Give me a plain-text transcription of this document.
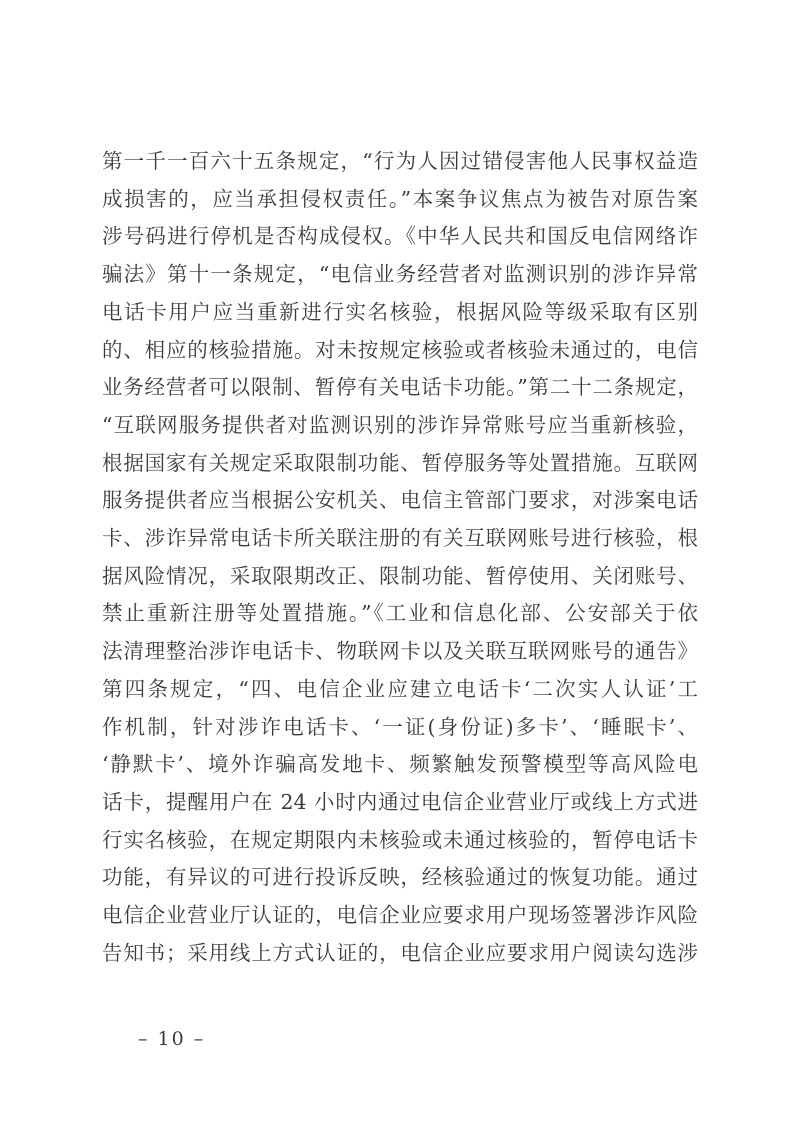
第一千一百六十五条规定，“行为人因过错侵害他人民事权益造
成损害的，应当承担侵权责任。”本案争议焦点为被告对原告案
涉号码进行停机是否构成侵权。《中华人民共和国反电信网络诈
骗法》第十一条规定，“电信业务经营者对监测识别的涉诈异常
电话卡用户应当重新进行实名核验，根据风险等级采取有区别
的、相应的核验措施。对未按规定核验或者核验未通过的，电信
业务经营者可以限制、暂停有关电话卡功能。”第二十二条规定，
“互联网服务提供者对监测识别的涉诈异常账号应当重新核验，
根据国家有关规定采取限制功能、暂停服务等处置措施。互联网
服务提供者应当根据公安机关、电信主管部门要求，对涉案电话
卡、涉诈异常电话卡所关联注册的有关互联网账号进行核验，根
据风险情况，采取限期改正、限制功能、暂停使用、关闭账号、
禁止重新注册等处置措施。”《工业和信息化部、公安部关于依
法清理整治涉诈电话卡、物联网卡以及关联互联网账号的通告》
第四条规定，“四、电信企业应建立电话卡‘二次实人认证’工
作机制，针对涉诈电话卡、‘一证(身份证)多卡’、‘睡眠卡’、
‘静默卡’、境外诈骗高发地卡、频繁触发预警模型等高风险电
话卡，提醒用户在 24 小时内通过电信企业营业厅或线上方式进
行实名核验，在规定期限内未核验或未通过核验的，暂停电话卡
功能，有异议的可进行投诉反映，经核验通过的恢复功能。通过
电信企业营业厅认证的，电信企业应要求用户现场签署涉诈风险
告知书；采用线上方式认证的，电信企业应要求用户阅读勾选涉
– 10 –
